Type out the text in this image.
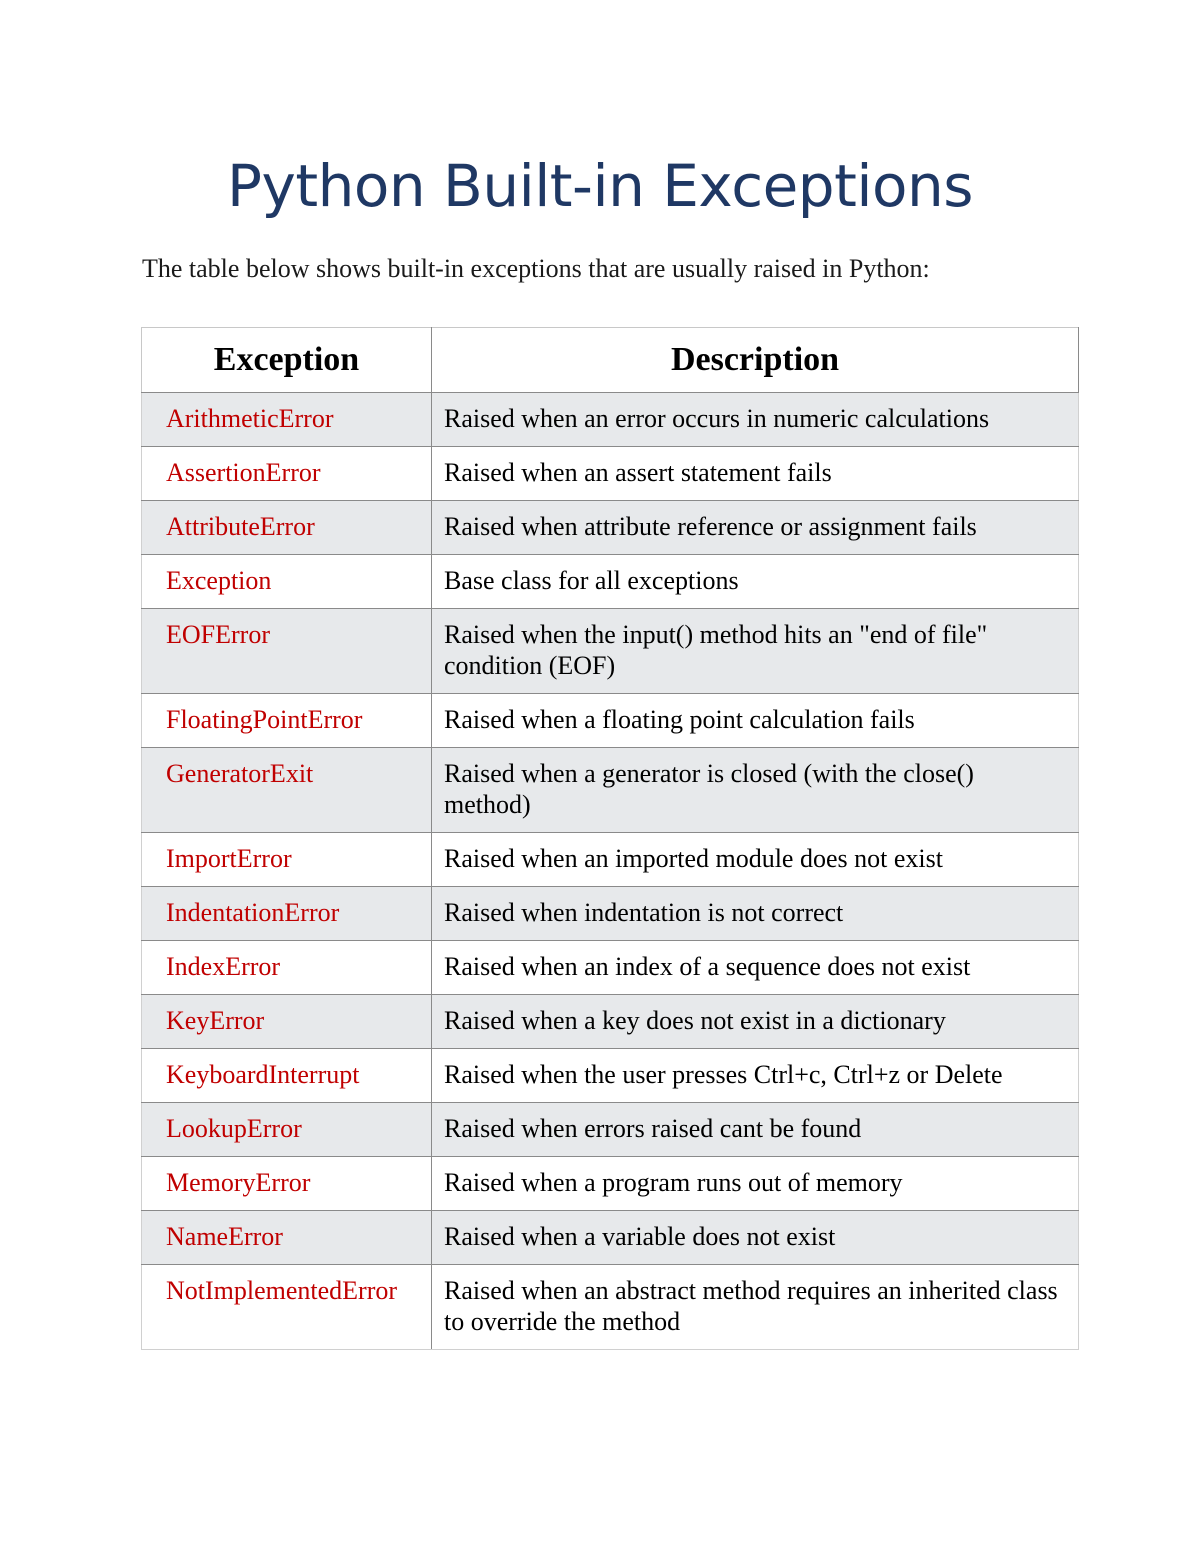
Python Built-in Exceptions

The table below shows built-in exceptions that are usually raised in Python:

Exception	Description
ArithmeticError	Raised when an error occurs in numeric calculations
AssertionError	Raised when an assert statement fails
AttributeError	Raised when attribute reference or assignment fails
Exception	Base class for all exceptions
EOFError	Raised when the input() method hits an "end of file" condition (EOF)
FloatingPointError	Raised when a floating point calculation fails
GeneratorExit	Raised when a generator is closed (with the close() method)
ImportError	Raised when an imported module does not exist
IndentationError	Raised when indentation is not correct
IndexError	Raised when an index of a sequence does not exist
KeyError	Raised when a key does not exist in a dictionary
KeyboardInterrupt	Raised when the user presses Ctrl+c, Ctrl+z or Delete
LookupError	Raised when errors raised cant be found
MemoryError	Raised when a program runs out of memory
NameError	Raised when a variable does not exist
NotImplementedError	Raised when an abstract method requires an inherited class to override the method
